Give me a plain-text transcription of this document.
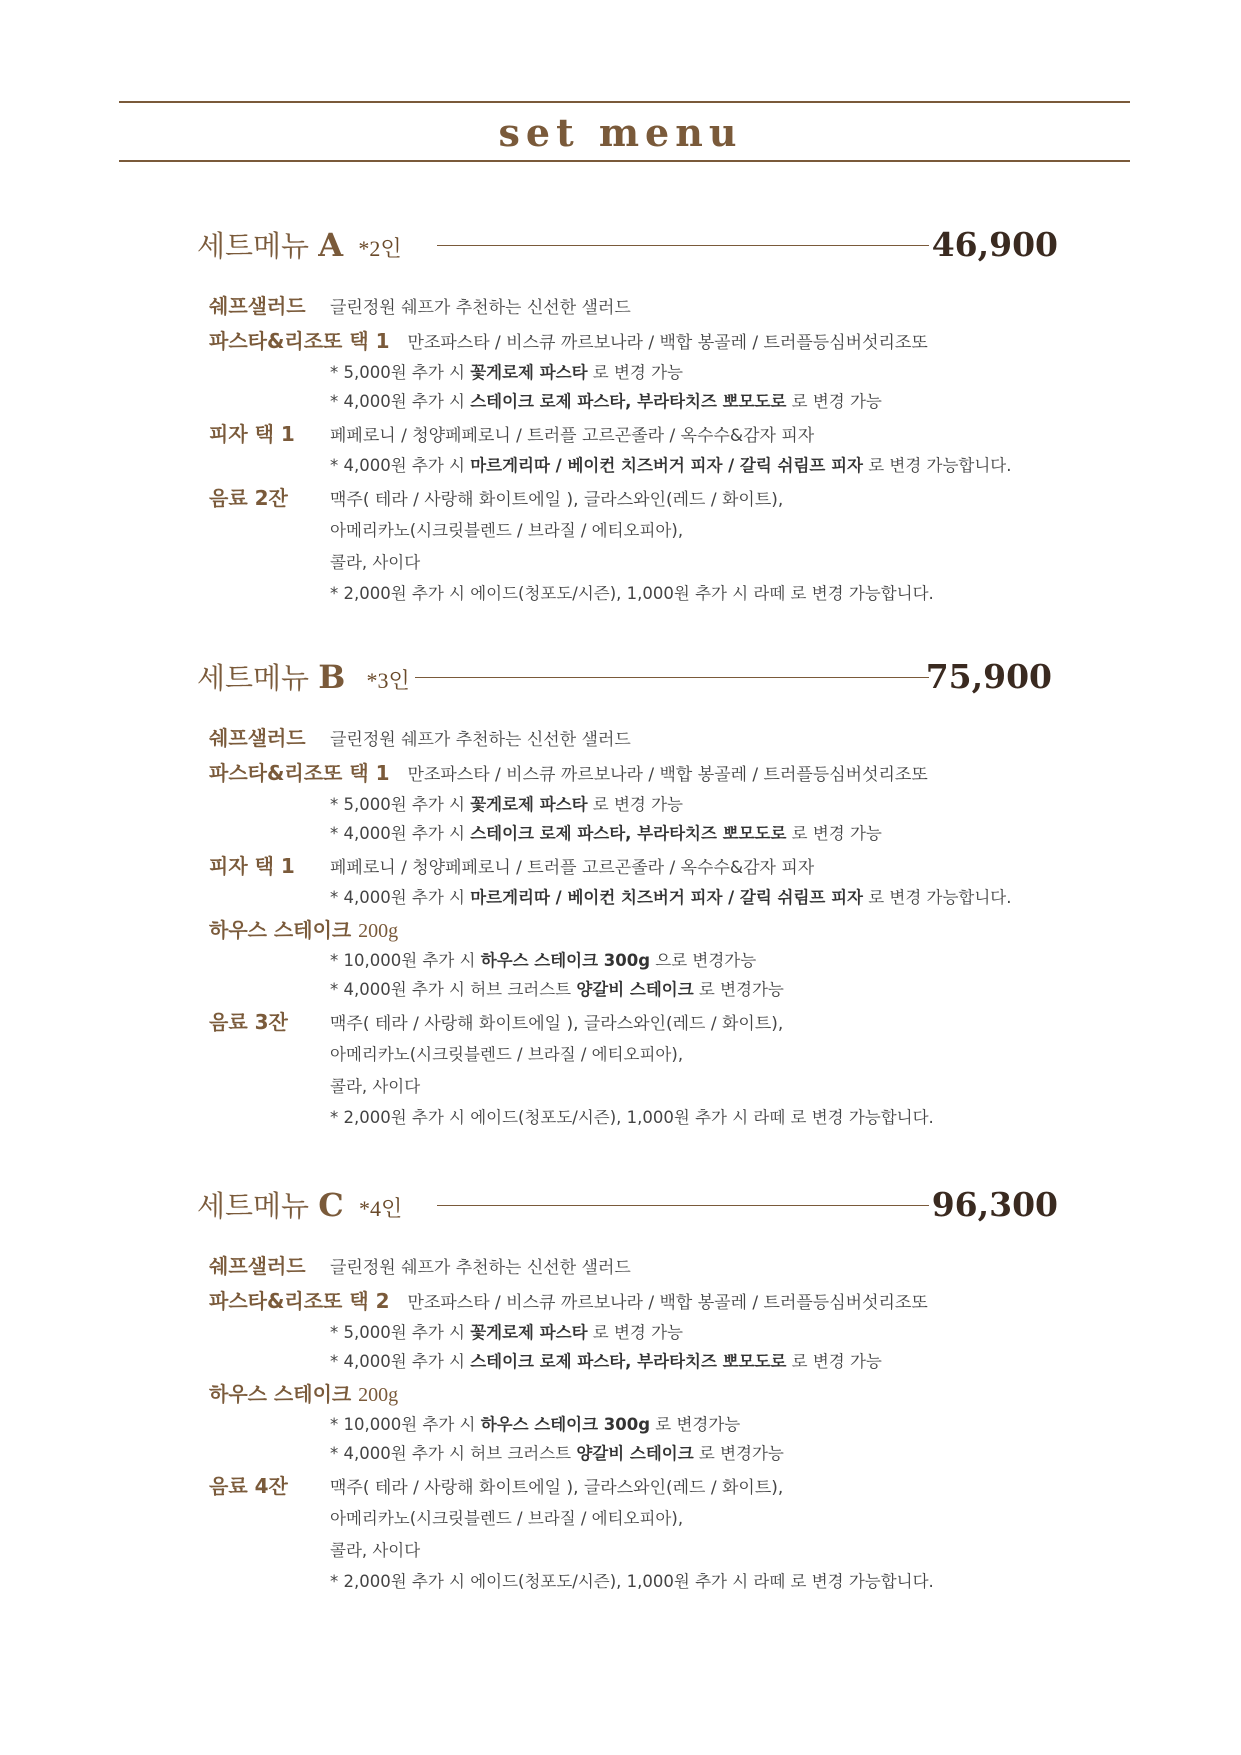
set menu
세트메뉴 A *2인	46,900
쉐프샐러드	글린정원 쉐프가 추천하는 신선한 샐러드
파스타&리조또 택 1 만조파스타 / 비스큐 까르보나라 / 백합 봉골레 / 트러플등심버섯리조또
* 5,000원 추가 시 꽃게로제 파스타 로 변경 가능
* 4,000원 추가 시 스테이크 로제 파스타, 부라타치즈 뽀모도로 로 변경 가능
피자 택 1	페페로니 / 청양페페로니 / 트러플 고르곤졸라 / 옥수수&감자 피자
* 4,000원 추가 시 마르게리따 / 베이컨 치즈버거 피자 / 갈릭 쉬림프 피자 로 변경 가능합니다.
음료 2잔	맥주( 테라 / 사랑해 화이트에일 ), 글라스와인(레드 / 화이트),
아메리카노(시크릿블렌드 / 브라질 / 에티오피아),
콜라, 사이다
* 2,000원 추가 시 에이드(청포도/시즌), 1,000원 추가 시 라떼 로 변경 가능합니다.
세트메뉴 B *3인	75,900
쉐프샐러드	글린정원 쉐프가 추천하는 신선한 샐러드
파스타&리조또 택 1 만조파스타 / 비스큐 까르보나라 / 백합 봉골레 / 트러플등심버섯리조또
* 5,000원 추가 시 꽃게로제 파스타 로 변경 가능
* 4,000원 추가 시 스테이크 로제 파스타, 부라타치즈 뽀모도로 로 변경 가능
피자 택 1	페페로니 / 청양페페로니 / 트러플 고르곤졸라 / 옥수수&감자 피자
* 4,000원 추가 시 마르게리따 / 베이컨 치즈버거 피자 / 갈릭 쉬림프 피자 로 변경 가능합니다.
하우스 스테이크 200g
* 10,000원 추가 시 하우스 스테이크 300g 으로 변경가능
* 4,000원 추가 시 허브 크러스트 양갈비 스테이크 로 변경가능
음료 3잔	맥주( 테라 / 사랑해 화이트에일 ), 글라스와인(레드 / 화이트),
아메리카노(시크릿블렌드 / 브라질 / 에티오피아),
콜라, 사이다
* 2,000원 추가 시 에이드(청포도/시즌), 1,000원 추가 시 라떼 로 변경 가능합니다.
세트메뉴 C *4인	96,300
쉐프샐러드	글린정원 쉐프가 추천하는 신선한 샐러드
파스타&리조또 택 2 만조파스타 / 비스큐 까르보나라 / 백합 봉골레 / 트러플등심버섯리조또
* 5,000원 추가 시 꽃게로제 파스타 로 변경 가능
* 4,000원 추가 시 스테이크 로제 파스타, 부라타치즈 뽀모도로 로 변경 가능
하우스 스테이크 200g
* 10,000원 추가 시 하우스 스테이크 300g 로 변경가능
* 4,000원 추가 시 허브 크러스트 양갈비 스테이크 로 변경가능
음료 4잔	맥주( 테라 / 사랑해 화이트에일 ), 글라스와인(레드 / 화이트),
아메리카노(시크릿블렌드 / 브라질 / 에티오피아),
콜라, 사이다
* 2,000원 추가 시 에이드(청포도/시즌), 1,000원 추가 시 라떼 로 변경 가능합니다.
